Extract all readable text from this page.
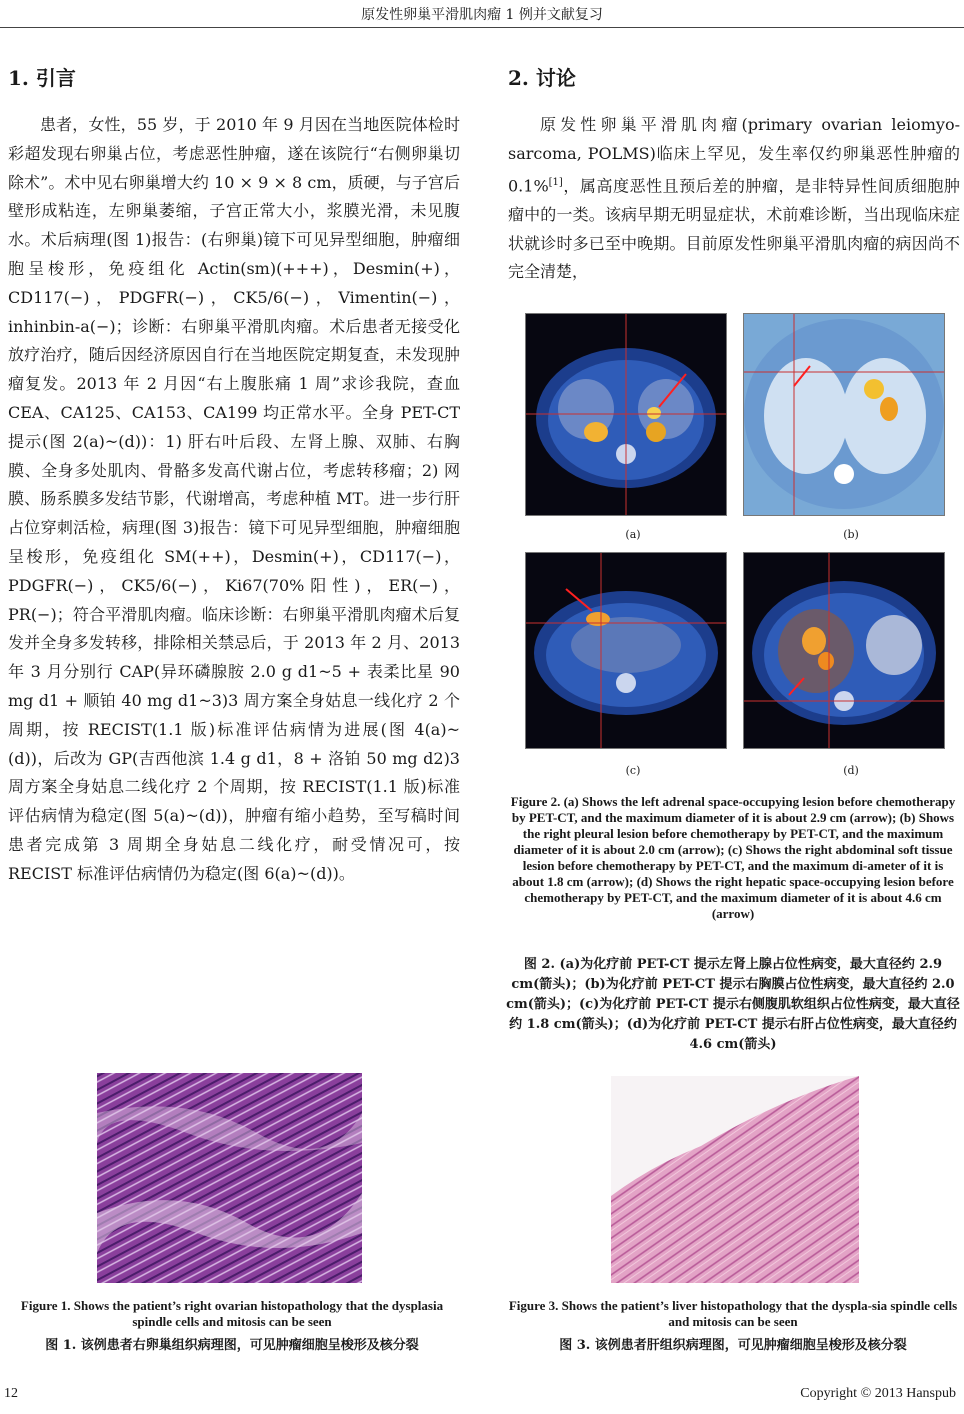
原发性卵巢平滑肌肉瘤 1 例并文献复习
1. 引言

患者，女性，55 岁，于 2010 年 9 月因在当地医院体检时彩超发现右卵巢占位，考虑恶性肿瘤，遂在该院行“右侧卵巢切除术”。术中见右卵巢增大约 10 × 9 × 8 cm，质硬，与子宫后壁形成粘连，左卵巢萎缩，子宫正常大小，浆膜光滑，未见腹水。术后病理(图 1)报告：(右卵巢)镜下可见异型细胞，肿瘤细胞呈梭形，免疫组化 Actin(sm)(+++)，Desmin(+)，CD117(−)，PDGFR(−)，CK5/6(−)，Vimentin(−)，inhinbin-a(−)；诊断：右卵巢平滑肌肉瘤。术后患者无接受化放疗治疗，随后因经济原因自行在当地医院定期复查，未发现肿瘤复发。2013 年 2 月因“右上腹胀痛 1 周”求诊我院，查血 CEA、CA125、CA153、CA199 均正常水平。全身 PET-CT 提示(图 2(a)~(d))：1) 肝右叶后段、左肾上腺、双肺、右胸膜、全身多处肌肉、骨骼多发高代谢占位，考虑转移瘤；2) 网膜、肠系膜多发结节影，代谢增高，考虑种植 MT。进一步行肝占位穿刺活检，病理(图 3)报告：镜下可见异型细胞，肿瘤细胞呈梭形，免疫组化 SM(++)，Desmin(+)，CD117(−)，PDGFR(−)，CK5/6(−)，Ki67(70%阳性)，ER(−)，PR(−)；符合平滑肌肉瘤。临床诊断：右卵巢平滑肌肉瘤术后复发并全身多发转移，排除相关禁忌后，于 2013 年 2 月、2013 年 3 月分别行 CAP(异环磷腺胺 2.0 g d1~5 + 表柔比星 90 mg d1 + 顺铂 40 mg d1~3)3 周方案全身姑息一线化疗 2 个周期，按 RECIST(1.1 版)标准评估病情为进展(图 4(a)~(d))，后改为 GP(吉西他滨 1.4 g d1，8 + 洛铂 50 mg d2)3 周方案全身姑息二线化疗 2 个周期，按 RECIST(1.1 版)标准评估病情为稳定(图 5(a)~(d))，肿瘤有缩小趋势，至写稿时间患者完成第 3 周期全身姑息二线化疗，耐受情况可，按 RECIST 标准评估病情仍为稳定(图 6(a)~(d))。

2. 讨论

原发性卵巢平滑肌肉瘤(primary ovarian leiomyo-sarcoma, POLMS)临床上罕见，发生率仅约卵巢恶性肿瘤的 0.1%[1]，属高度恶性且预后差的肿瘤，是非特异性间质细胞肿瘤中的一类。该病早期无明显症状，术前难诊断，当出现临床症状就诊时多已至中晚期。目前原发性卵巢平滑肌肉瘤的病因尚不完全清楚，

(a)	(b)
(c)	(d)
Figure 2. (a) Shows the left adrenal space-occupying lesion before chemotherapy by PET-CT, and the maximum diameter of it is about 2.9 cm (arrow); (b) Shows the right pleural lesion before chemotherapy by PET-CT, and the maximum diameter of it is about 2.0 cm (arrow); (c) Shows the right abdominal soft tissue lesion before chemotherapy by PET-CT, and the maximum di-ameter of it is about 1.8 cm (arrow); (d) Shows the right hepatic space-occupying lesion before chemotherapy by PET-CT, and the maximum diameter of it is about 4.6 cm (arrow)
图 2. (a)为化疗前 PET-CT 提示左肾上腺占位性病变，最大直径约 2.9 cm(箭头)；(b)为化疗前 PET-CT 提示右胸膜占位性病变，最大直径约 2.0 cm(箭头)；(c)为化疗前 PET-CT 提示右侧腹肌软组织占位性病变，最大直径约 1.8 cm(箭头)；(d)为化疗前 PET-CT 提示右肝占位性病变，最大直径约 4.6 cm(箭头)
Figure 1. Shows the patient’s right ovarian histopathology that the dysplasia spindle cells and mitosis can be seen
图 1. 该例患者右卵巢组织病理图，可见肿瘤细胞呈梭形及核分裂
Figure 3. Shows the patient’s liver histopathology that the dyspla-sia spindle cells and mitosis can be seen
图 3. 该例患者肝组织病理图，可见肿瘤细胞呈梭形及核分裂
12	Copyright © 2013 Hanspub
